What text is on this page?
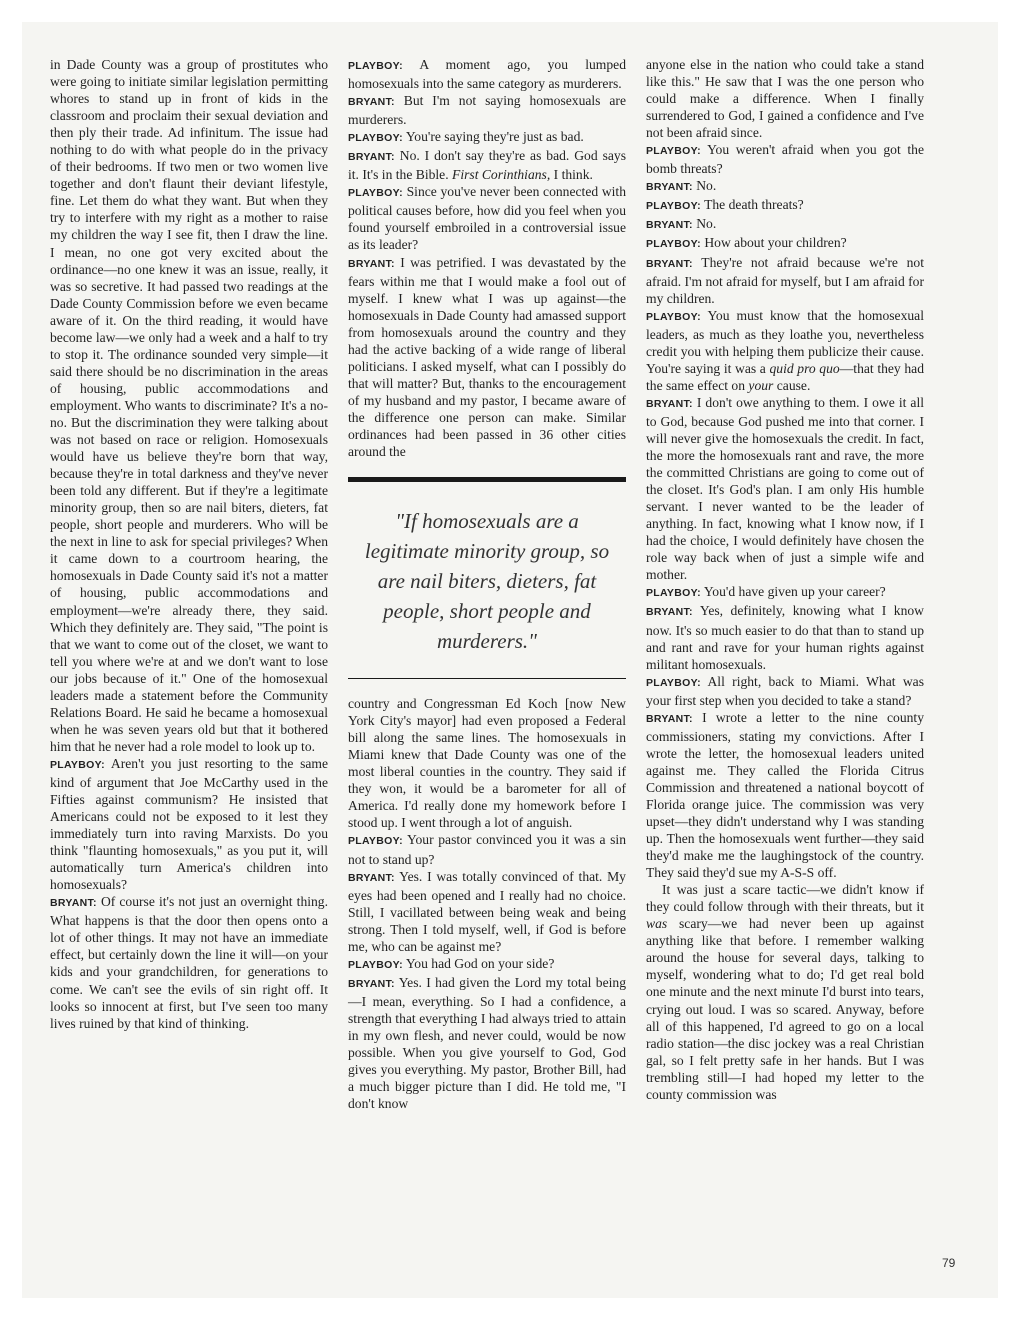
in Dade County was a group of prostitutes who were going to initiate similar legislation permitting whores to stand up in front of kids in the classroom and proclaim their sexual deviation and then ply their trade. Ad infinitum. The issue had nothing to do with what people do in the privacy of their bedrooms. If two men or two women live together and don't flaunt their deviant lifestyle, fine. Let them do what they want. But when they try to interfere with my right as a mother to raise my children the way I see fit, then I draw the line. I mean, no one got very excited about the ordinance—no one knew it was an issue, really, it was so secretive. It had passed two readings at the Dade County Commission before we even became aware of it. On the third reading, it would have become law—we only had a week and a half to try to stop it. The ordinance sounded very simple—it said there should be no discrimination in the areas of housing, public accommodations and employment. Who wants to discriminate? It's a no-no. But the discrimination they were talking about was not based on race or religion. Homosexuals would have us believe they're born that way, because they're in total darkness and they've never been told any different. But if they're a legitimate minority group, then so are nail biters, dieters, fat people, short people and murderers. Who will be the next in line to ask for special privileges? When it came down to a courtroom hearing, the homosexuals in Dade County said it's not a matter of housing, public accommodations and employment—we're already there, they said. Which they definitely are. They said, "The point is that we want to come out of the closet, we want to tell you where we're at and we don't want to lose our jobs because of it." One of the homosexual leaders made a statement before the Community Relations Board. He said he became a homosexual when he was seven years old but that it bothered him that he never had a role model to look up to.

PLAYBOY: Aren't you just resorting to the same kind of argument that Joe McCarthy used in the Fifties against communism? He insisted that Americans could not be exposed to it lest they immediately turn into raving Marxists. Do you think "flaunting homosexuals," as you put it, will automatically turn America's children into homosexuals?

BRYANT: Of course it's not just an overnight thing. What happens is that the door then opens onto a lot of other things. It may not have an immediate effect, but certainly down the line it will—on your kids and your grandchildren, for generations to come. We can't see the evils of sin right off. It looks so innocent at first, but I've seen too many lives ruined by that kind of thinking.

PLAYBOY: A moment ago, you lumped homosexuals into the same category as murderers.

BRYANT: But I'm not saying homosexuals are murderers.

PLAYBOY: You're saying they're just as bad.

BRYANT: No. I don't say they're as bad. God says it. It's in the Bible. First Corinthians, I think.

PLAYBOY: Since you've never been connected with political causes before, how did you feel when you found yourself embroiled in a controversial issue as its leader?

BRYANT: I was petrified. I was devastated by the fears within me that I would make a fool out of myself. I knew what I was up against—the homosexuals in Dade County had amassed support from homosexuals around the country and they had the active backing of a wide range of liberal politicians. I asked myself, what can I possibly do that will matter? But, thanks to the encouragement of my husband and my pastor, I became aware of the difference one person can make. Similar ordinances had been passed in 36 other cities around the

"If homosexuals are a legitimate minority group, so are nail biters, dieters, fat people, short people and murderers."

country and Congressman Ed Koch [now New York City's mayor] had even proposed a Federal bill along the same lines. The homosexuals in Miami knew that Dade County was one of the most liberal counties in the country. They said if they won, it would be a barometer for all of America. I'd really done my homework before I stood up. I went through a lot of anguish.

PLAYBOY: Your pastor convinced you it was a sin not to stand up?

BRYANT: Yes. I was totally convinced of that. My eyes had been opened and I really had no choice. Still, I vacillated between being weak and being strong. Then I told myself, well, if God is before me, who can be against me?

PLAYBOY: You had God on your side?

BRYANT: Yes. I had given the Lord my total being—I mean, everything. So I had a confidence, a strength that everything I had always tried to attain in my own flesh, and never could, would be now possible. When you give yourself to God, God gives you everything. My pastor, Brother Bill, had a much bigger picture than I did. He told me, "I don't know

anyone else in the nation who could take a stand like this." He saw that I was the one person who could make a difference. When I finally surrendered to God, I gained a confidence and I've not been afraid since.

PLAYBOY: You weren't afraid when you got the bomb threats?

BRYANT: No.

PLAYBOY: The death threats?

BRYANT: No.

PLAYBOY: How about your children?

BRYANT: They're not afraid because we're not afraid. I'm not afraid for myself, but I am afraid for my children.

PLAYBOY: You must know that the homosexual leaders, as much as they loathe you, nevertheless credit you with helping them publicize their cause. You're saying it was a quid pro quo—that they had the same effect on your cause.

BRYANT: I don't owe anything to them. I owe it all to God, because God pushed me into that corner. I will never give the homosexuals the credit. In fact, the more the homosexuals rant and rave, the more the committed Christians are going to come out of the closet. It's God's plan. I am only His humble servant. I never wanted to be the leader of anything. In fact, knowing what I know now, if I had the choice, I would definitely have chosen the role way back when of just a simple wife and mother.

PLAYBOY: You'd have given up your career?

BRYANT: Yes, definitely, knowing what I know now. It's so much easier to do that than to stand up and rant and rave for your human rights against militant homosexuals.

PLAYBOY: All right, back to Miami. What was your first step when you decided to take a stand?

BRYANT: I wrote a letter to the nine county commissioners, stating my convictions. After I wrote the letter, the homosexual leaders united against me. They called the Florida Citrus Commission and threatened a national boycott of Florida orange juice. The commission was very upset—they didn't understand why I was standing up. Then the homosexuals went further—they said they'd make me the laughingstock of the country. They said they'd sue my A-S-S off.

It was just a scare tactic—we didn't know if they could follow through with their threats, but it was scary—we had never been up against anything like that before. I remember walking around the house for several days, talking to myself, wondering what to do; I'd get real bold one minute and the next minute I'd burst into tears, crying out loud. I was so scared. Anyway, before all of this happened, I'd agreed to go on a local radio station—the disc jockey was a real Christian gal, so I felt pretty safe in her hands. But I was trembling still—I had hoped my letter to the county commission was

79
